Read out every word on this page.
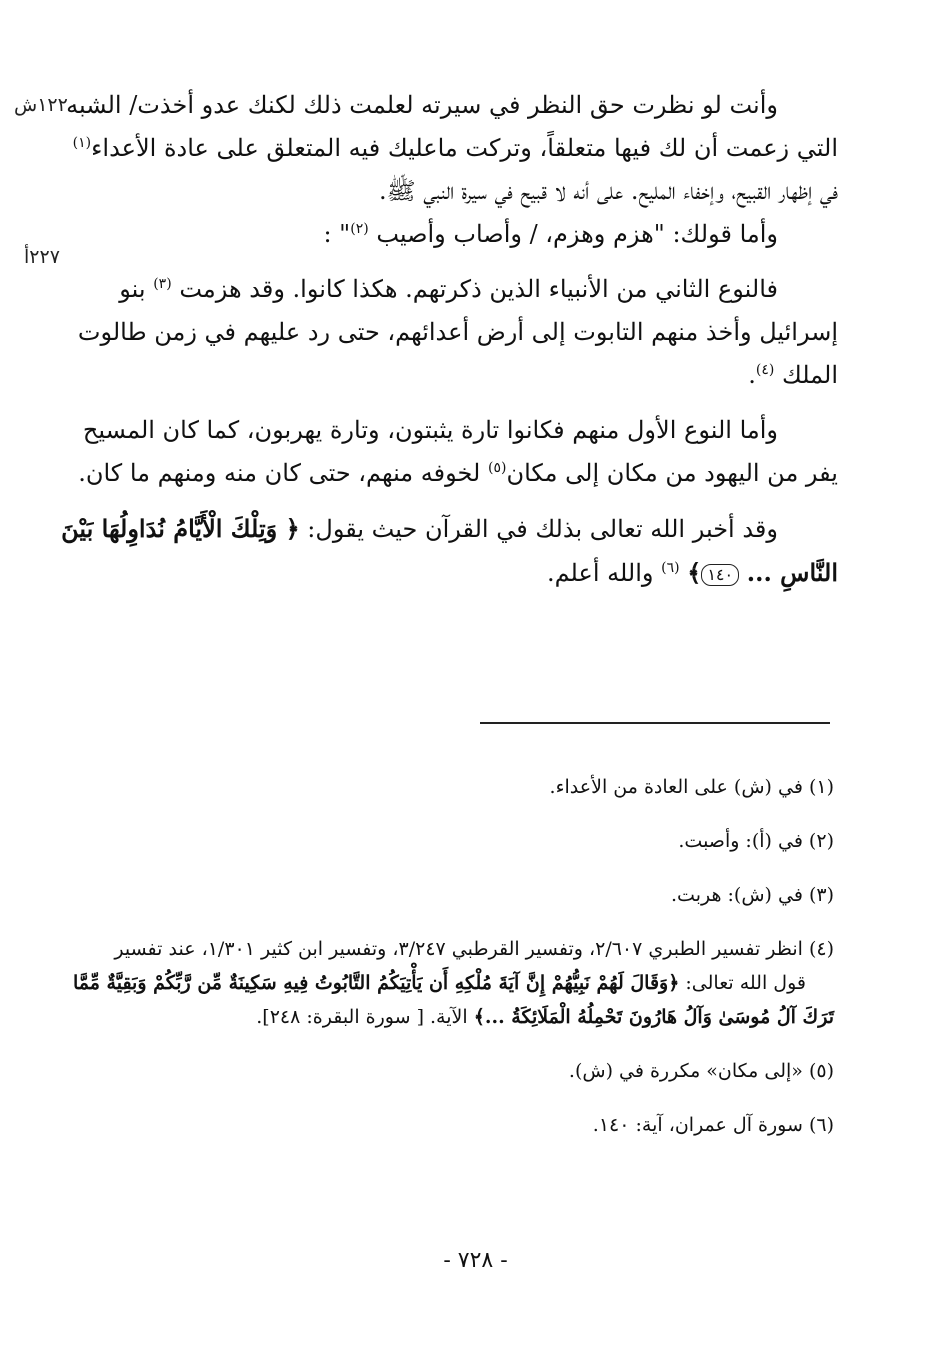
١٢٢ش
٢٢٧أ

وأنت لو نظرت حق النظر في سيرته لعلمت ذلك لكنك عدو أخذت/ الشبه
التي زعمت أن لك فيها متعلقاً، وتركت ماعليك فيه المتعلق على عادة الأعداء$^{(١)}$
في إظهار القبيح، وإخفاء المليح. على أنه لا قبيح في سيرة النبي ﷺ.

وأما قولك: "هزم وهزم، / وأصاب وأصيب $^{(٢)}$" :

فالنوع الثاني من الأنبياء الذين ذكرتهم. هكذا كانوا. وقد هزمت $^{(٣)}$ بنو
إسرائيل وأخذ منهم التابوت إلى أرض أعدائهم، حتى رد عليهم في زمن طالوت
الملك $^{(٤)}$.

وأما النوع الأول منهم فكانوا تارة يثبتون، وتارة يهربون، كما كان المسيح
يفر من اليهود من مكان إلى مكان$^{(٥)}$ لخوفه منهم، حتى كان منه ومنهم ما كان.

وقد أخبر الله تعالى بذلك في القرآن حيث يقول: ﴿ وَتِلْكَ الْأَيَّامُ نُدَاوِلُهَا بَيْنَ
النَّاسِ ... ١٤٠﴾ $^{(٦)}$ والله أعلم.

(١) في (ش) على العادة من الأعداء.

(٢) في (أ): وأصبت.

(٣) في (ش): هربت.

(٤) انظر تفسير الطبري ٢/٦٠٧، وتفسير القرطبي ٣/٢٤٧، وتفسير ابن كثير ١/٣٠١، عند تفسير
قول الله تعالى: ﴿وَقَالَ لَهُمْ نَبِيُّهُمْ إِنَّ آيَةَ مُلْكِهِ أَن يَأْتِيَكُمُ التَّابُوتُ فِيهِ سَكِينَةٌ مِّن رَّبِّكُمْ وَبَقِيَّةٌ مِّمَّا
تَرَكَ آلُ مُوسَىٰ وَآلُ هَارُونَ تَحْمِلُهُ الْمَلَائِكَةُ ...﴾ الآية. [ سورة البقرة: ٢٤٨].

(٥) «إلى مكان» مكررة في (ش).

(٦) سورة آل عمران، آية: ١٤٠.

- ٧٢٨ -
